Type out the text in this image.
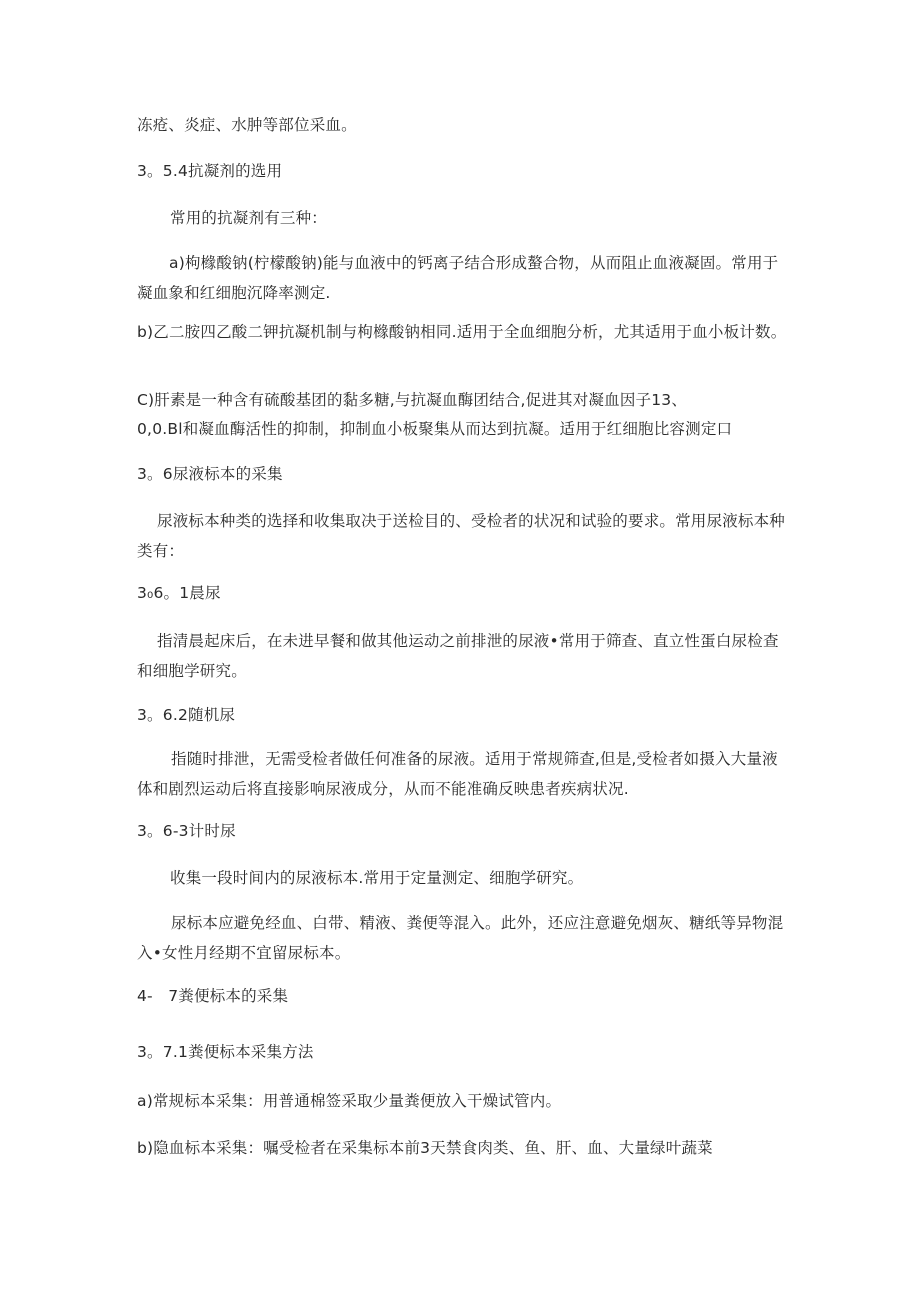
冻疮、炎症、水肿等部位采血。
3。5.4抗凝剂的选用
常用的抗凝剂有三种：
a)枸橼酸钠(柠檬酸钠)能与血液中的钙离子结合形成螯合物，从而阻止血液凝固。常用于凝血象和红细胞沉降率测定.
b)乙二胺四乙酸二钾抗凝机制与枸橼酸钠相同.适用于全血细胞分析，尤其适用于血小板计数。
C)肝素是一种含有硫酸基团的黏多糖,与抗凝血酶团结合,促进其对凝血因子13、
0,0.Bl和凝血酶活性的抑制，抑制血小板聚集从而达到抗凝。适用于红细胞比容测定口
3。6尿液标本的采集
尿液标本种类的选择和收集取决于送检目的、受检者的状况和试验的要求。常用尿液标本种类有：
3₀6。1晨尿
指清晨起床后，在未进早餐和做其他运动之前排泄的尿液•常用于筛查、直立性蛋白尿检查和细胞学研究。
3。6.2随机尿
指随时排泄，无需受检者做任何准备的尿液。适用于常规筛查,但是,受检者如摄入大量液体和剧烈运动后将直接影响尿液成分，从而不能准确反映患者疾病状况.
3。6-3计时尿
收集一段时间内的尿液标本.常用于定量测定、细胞学研究。
尿标本应避免经血、白带、精液、粪便等混入。此外，还应注意避免烟灰、糖纸等异物混入•女性月经期不宜留尿标本。
4-   7粪便标本的采集
3。7.1粪便标本采集方法
a)常规标本采集：用普通棉签采取少量粪便放入干燥试管内。
b)隐血标本采集：嘱受检者在采集标本前3天禁食肉类、鱼、肝、血、大量绿叶蔬菜
